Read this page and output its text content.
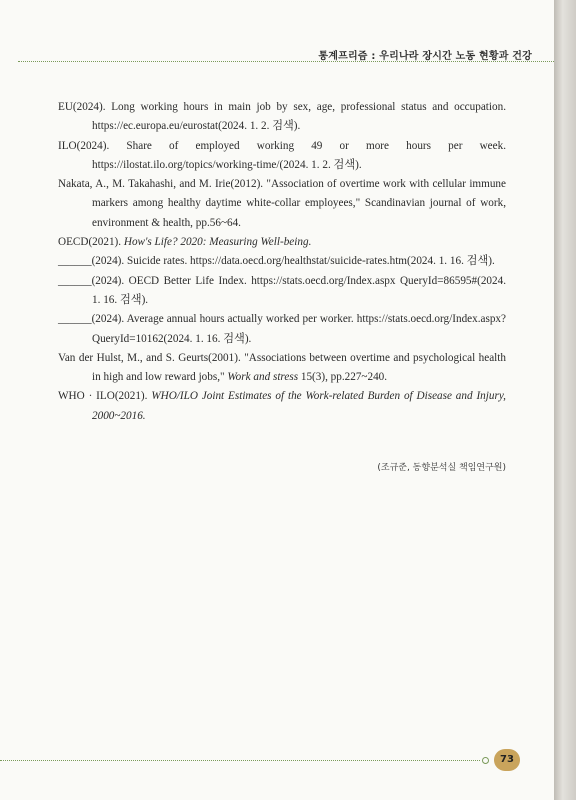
통계프리즘 : 우리나라 장시간 노동 현황과 건강
EU(2024). Long working hours in main job by sex, age, professional status and occupation. https://ec.europa.eu/eurostat(2024. 1. 2. 검색).
ILO(2024). Share of employed working 49 or more hours per week. https://ilostat.ilo.org/topics/working-time/(2024. 1. 2. 검색).
Nakata, A., M. Takahashi, and M. Irie(2012). "Association of overtime work with cellular immune markers among healthy daytime white-collar employees," Scandinavian journal of work, environment & health, pp.56~64.
OECD(2021). How's Life? 2020: Measuring Well-being.
______(2024). Suicide rates. https://data.oecd.org/healthstat/suicide-rates.htm(2024. 1. 16. 검색).
______(2024). OECD Better Life Index. https://stats.oecd.org/Index.aspx QueryId=86595#(2024. 1. 16. 검색).
______(2024). Average annual hours actually worked per worker. https://stats.oecd.org/Index.aspx?QueryId=10162(2024. 1. 16. 검색).
Van der Hulst, M., and S. Geurts(2001). "Associations between overtime and psychological health in high and low reward jobs," Work and stress 15(3), pp.227~240.
WHO · ILO(2021). WHO/ILO Joint Estimates of the Work-related Burden of Disease and Injury, 2000~2016.
(조규준, 동향분석실 책임연구원)
73
